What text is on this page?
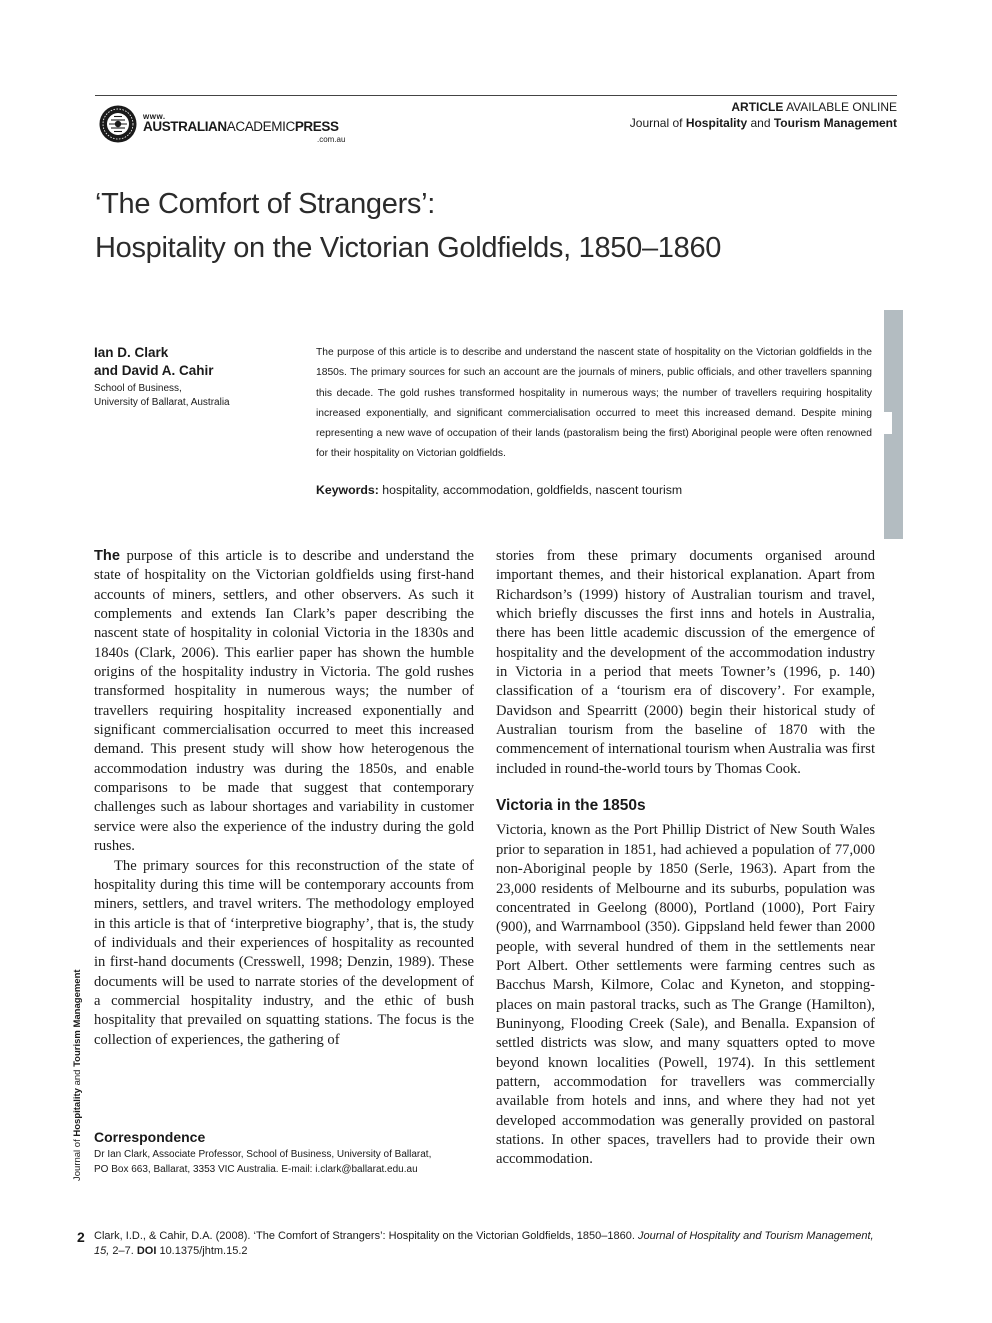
www.
AUSTRALIANACADEMICPRESS
.com.au
ARTICLE AVAILABLE ONLINE
Journal of Hospitality and Tourism Management
‘The Comfort of Strangers’:
Hospitality on the Victorian Goldfields, 1850–1860

Ian D. Clark
and David A. Cahir

School of Business,
University of Ballarat, Australia

The purpose of this article is to describe and understand the nascent state of hospitality on the Victorian goldfields in the 1850s. The primary sources for such an account are the journals of miners, public officials, and other travellers spanning this decade. The gold rushes transformed hospitality in numerous ways; the number of travellers requiring hospitality increased exponentially, and significant commercialisation occurred to meet this increased demand. Despite mining representing a new wave of occupation of their lands (pastoralism being the first) Aboriginal people were often renowned for their hospitality on Victorian goldfields.

Keywords: hospitality, accommodation, goldfields, nascent tourism

The purpose of this article is to describe and understand the state of hospitality on the Victorian goldfields using first-hand accounts of miners, settlers, and other observers. As such it complements and extends Ian Clark’s paper describing the nascent state of hospitality in colonial Victoria in the 1830s and 1840s (Clark, 2006). This earlier paper has shown the humble origins of the hospitality industry in Victoria. The gold rushes transformed hospitality in numerous ways; the number of travellers requiring hospitality increased exponentially and significant commercialisation occurred to meet this increased demand. This present study will show how heterogenous the accommodation industry was during the 1850s, and enable comparisons to be made that suggest that contemporary challenges such as labour shortages and variability in customer service were also the experience of the industry during the gold rushes.

The primary sources for this reconstruction of the state of hospitality during this time will be contemporary accounts from miners, settlers, and travel writers. The methodology employed in this article is that of ‘interpretive biography’, that is, the study of individuals and their experiences of hospitality as recounted in first-hand documents (Cresswell, 1998; Denzin, 1989). These documents will be used to narrate stories of the development of a commercial hospitality industry, and the ethic of bush hospitality that prevailed on squatting stations. The focus is the collection of experiences, the gathering of

stories from these primary documents organised around important themes, and their historical explanation. Apart from Richardson’s (1999) history of Australian tourism and travel, which briefly discusses the first inns and hotels in Australia, there has been little academic discussion of the emergence of hospitality and the development of the accommodation industry in Victoria in a period that meets Towner’s (1996, p. 140) classification of a ‘tourism era of discovery’. For example, Davidson and Spearritt (2000) begin their historical study of Australian tourism from the baseline of 1870 with the commencement of international tourism when Australia was first included in round-the-world tours by Thomas Cook.

Victoria in the 1850s

Victoria, known as the Port Phillip District of New South Wales prior to separation in 1851, had achieved a population of 77,000 non-Aboriginal people by 1850 (Serle, 1963). Apart from the 23,000 residents of Melbourne and its suburbs, population was concentrated in Geelong (8000), Portland (1000), Port Fairy (900), and Warrnambool (350). Gippsland held fewer than 2000 people, with several hundred of them in the settlements near Port Albert. Other settlements were farming centres such as Bacchus Marsh, Kilmore, Colac and Kyneton, and stopping-places on main pastoral tracks, such as The Grange (Hamilton), Buninyong, Flooding Creek (Sale), and Benalla. Expansion of settled districts was slow, and many squatters opted to move beyond known localities (Powell, 1974). In this settlement pattern, accommodation for travellers was commercially available from hotels and inns, and where they had not yet developed accommodation was generally provided on pastoral stations. In other spaces, travellers had to provide their own accommodation.

Correspondence

Dr Ian Clark, Associate Professor, School of Business, University of Ballarat,
PO Box 663, Ballarat, 3353 VIC Australia. E-mail: i.clark@ballarat.edu.au

Journal of Hospitality and Tourism Management
2 Clark, I.D., & Cahir, D.A. (2008). ‘The Comfort of Strangers’: Hospitality on the Victorian Goldfields, 1850–1860. Journal of Hospitality and Tourism Management, 15, 2–7. DOI 10.1375/jhtm.15.2
